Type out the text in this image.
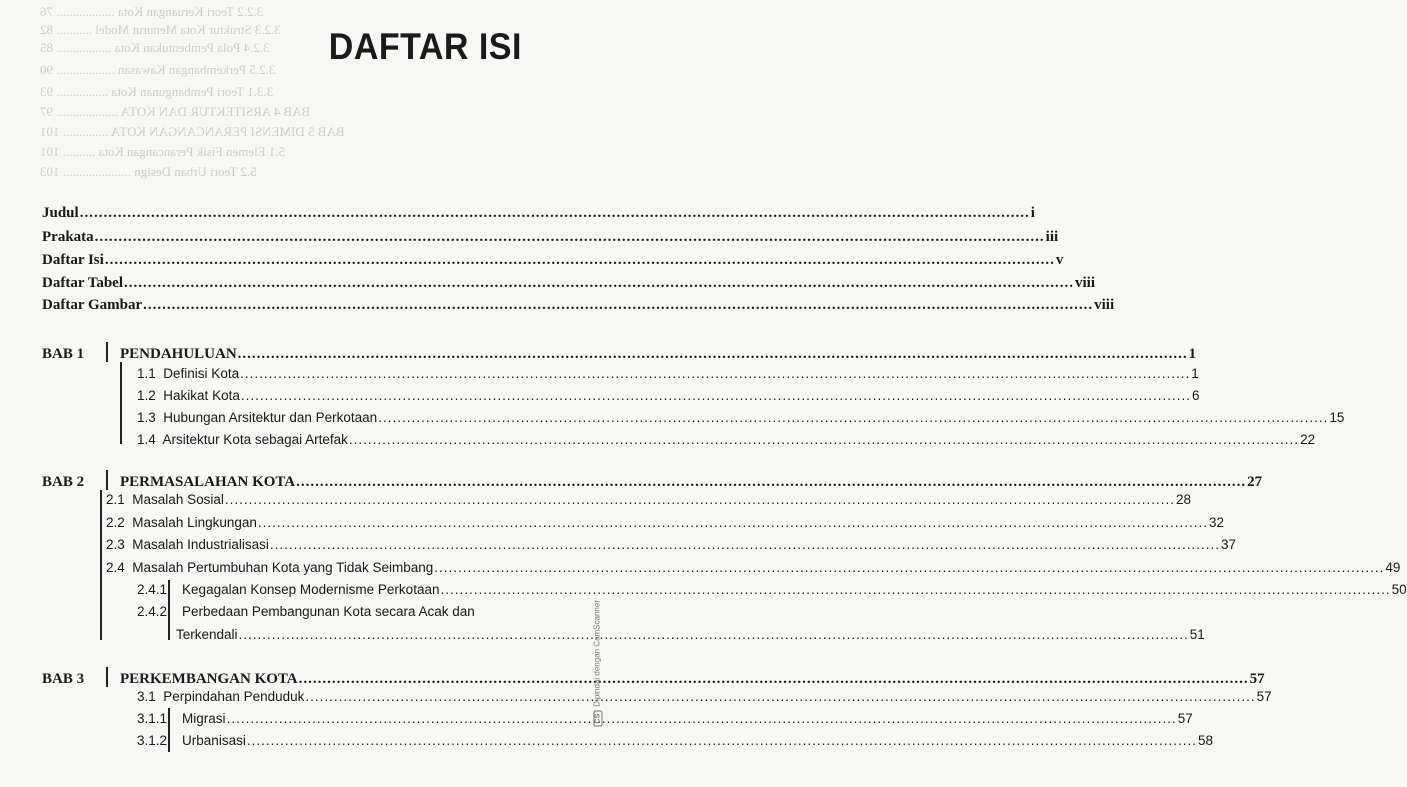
3.2.2 Teori Keruangan Kota .................. 76
3.2.3 Struktur Kota Menurut Model ........... 82
3.2.4 Pola Pembentukan Kota ................. 85
3.2.5 Perkembangan Kawasan .................. 90
3.3.1 Teori Pembangunan Kota ................ 93
BAB 4 ARSITEKTUR DAN KOTA ................... 97
BAB 5 DIMENSI PERANCANGAN KOTA .............. 101
5.1 Elemen Fisik Perancangan Kota .......... 101
5.2 Teori Urban Design ..................... 103
DAFTAR ISI
Judul .....	i
Prakata .....	iii
Daftar Isi .....	v
Daftar Tabel .....	viii
Daftar Gambar .....	viii
BAB 1 PENDAHULUAN .....	1
1.1 Definisi Kota .....	1
1.2 Hakikat Kota .....	6
1.3 Hubungan Arsitektur dan Perkotaan .....	15
1.4 Arsitektur Kota sebagai Artefak .....	22
BAB 2 PERMASALAHAN KOTA .....	27
2.1 Masalah Sosial .....	28
2.2 Masalah Lingkungan .....	32
2.3 Masalah Industrialisasi .....	37
2.4 Masalah Pertumbuhan Kota yang Tidak Seimbang .....	49
2.4.1 Kegagalan Konsep Modernisme Perkotaan .....	50
2.4.2 Perbedaan Pembangunan Kota secara Acak dan
Terkendali .....	51
BAB 3 PERKEMBANGAN KOTA .....	57
3.1 Perpindahan Penduduk .....	57
3.1.1 Migrasi .....	57
3.1.2 Urbanisasi .....	58
CSDipindai dengan CamScanner
